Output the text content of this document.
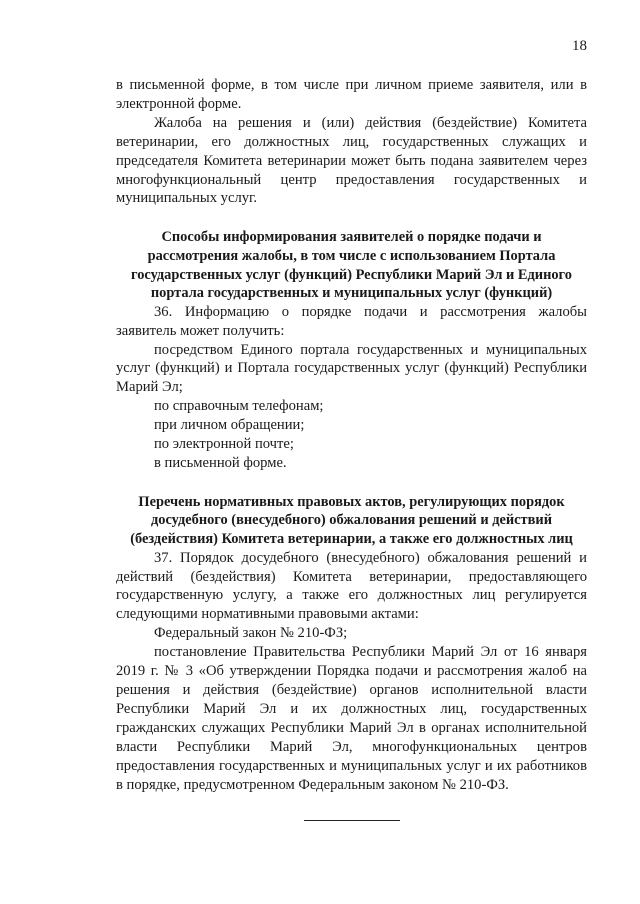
18

в письменной форме, в том числе при личном приеме заявителя, или в электронной форме.

Жалоба на решения и (или) действия (бездействие) Комитета ветеринарии, его должностных лиц, государственных служащих и председателя Комитета ветеринарии может быть подана заявителем через многофункциональный центр предоставления государственных и муниципальных услуг.

Способы информирования заявителей о порядке подачи и рассмотрения жалобы, в том числе с использованием Портала государственных услуг (функций) Республики Марий Эл и Единого портала государственных и муниципальных услуг (функций)

36. Информацию о порядке подачи и рассмотрения жалобы заявитель может получить:

посредством Единого портала государственных и муниципальных услуг (функций) и Портала государственных услуг (функций) Республики Марий Эл;

по справочным телефонам;

при личном обращении;

по электронной почте;

в письменной форме.

Перечень нормативных правовых актов, регулирующих порядок досудебного (внесудебного) обжалования решений и действий (бездействия) Комитета ветеринарии, а также его должностных лиц

37. Порядок досудебного (внесудебного) обжалования решений и действий (бездействия) Комитета ветеринарии, предоставляющего государственную услугу, а также его должностных лиц регулируется следующими нормативными правовыми актами:

Федеральный закон № 210-ФЗ;

постановление Правительства Республики Марий Эл от 16 января 2019 г. № 3 «Об утверждении Порядка подачи и рассмотрения жалоб на решения и действия (бездействие) органов исполнительной власти Республики Марий Эл и их должностных лиц, государственных гражданских служащих Республики Марий Эл в органах исполнительной власти Республики Марий Эл, многофункциональных центров предоставления государственных и муниципальных услуг и их работников в порядке, предусмотренном Федеральным законом № 210-ФЗ.
